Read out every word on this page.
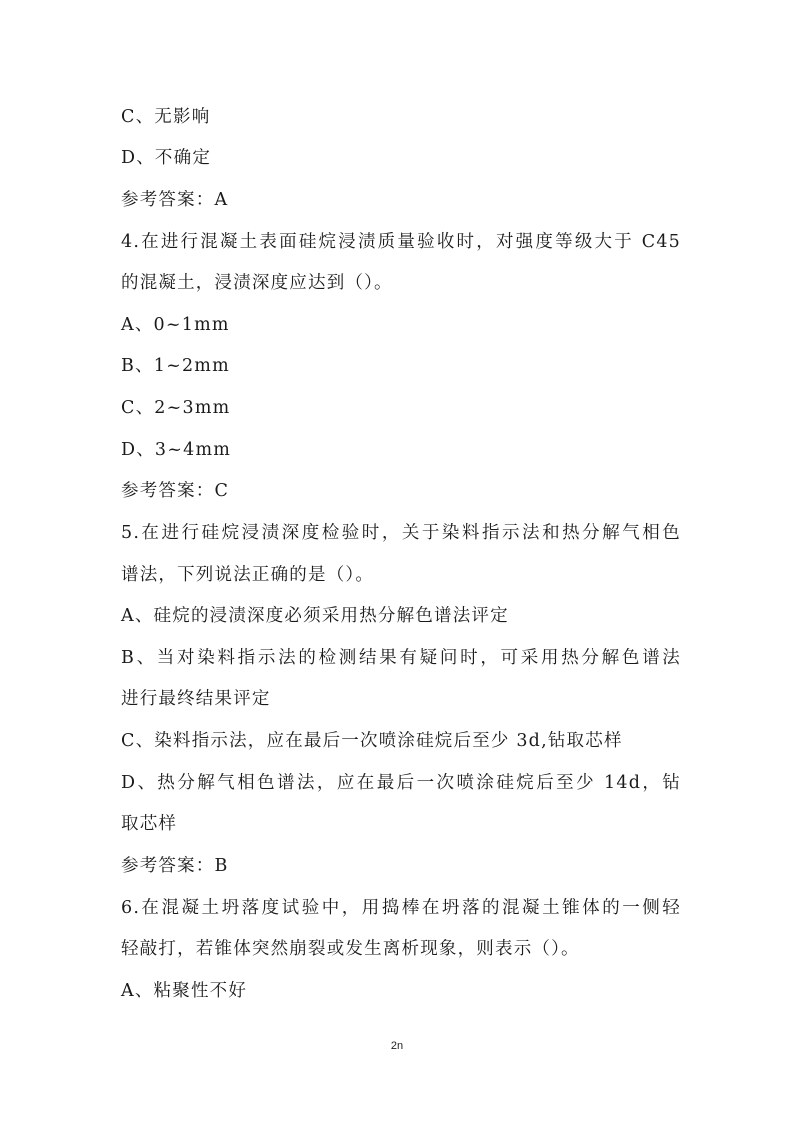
C、无影响
D、不确定
参考答案：A
4.在进行混凝土表面硅烷浸渍质量验收时，对强度等级大于 C45
的混凝土，浸渍深度应达到（）。
A、0~1mm
B、1~2mm
C、2~3mm
D、3~4mm
参考答案：C
5.在进行硅烷浸渍深度检验时，关于染料指示法和热分解气相色
谱法，下列说法正确的是（）。
A、硅烷的浸渍深度必须采用热分解色谱法评定
B、当对染料指示法的检测结果有疑问时，可采用热分解色谱法
进行最终结果评定
C、染料指示法，应在最后一次喷涂硅烷后至少 3d,钻取芯样
D、热分解气相色谱法，应在最后一次喷涂硅烷后至少 14d，钻
取芯样
参考答案：B
6.在混凝土坍落度试验中，用捣棒在坍落的混凝土锥体的一侧轻
轻敲打，若锥体突然崩裂或发生离析现象，则表示（）。
A、粘聚性不好
2n
